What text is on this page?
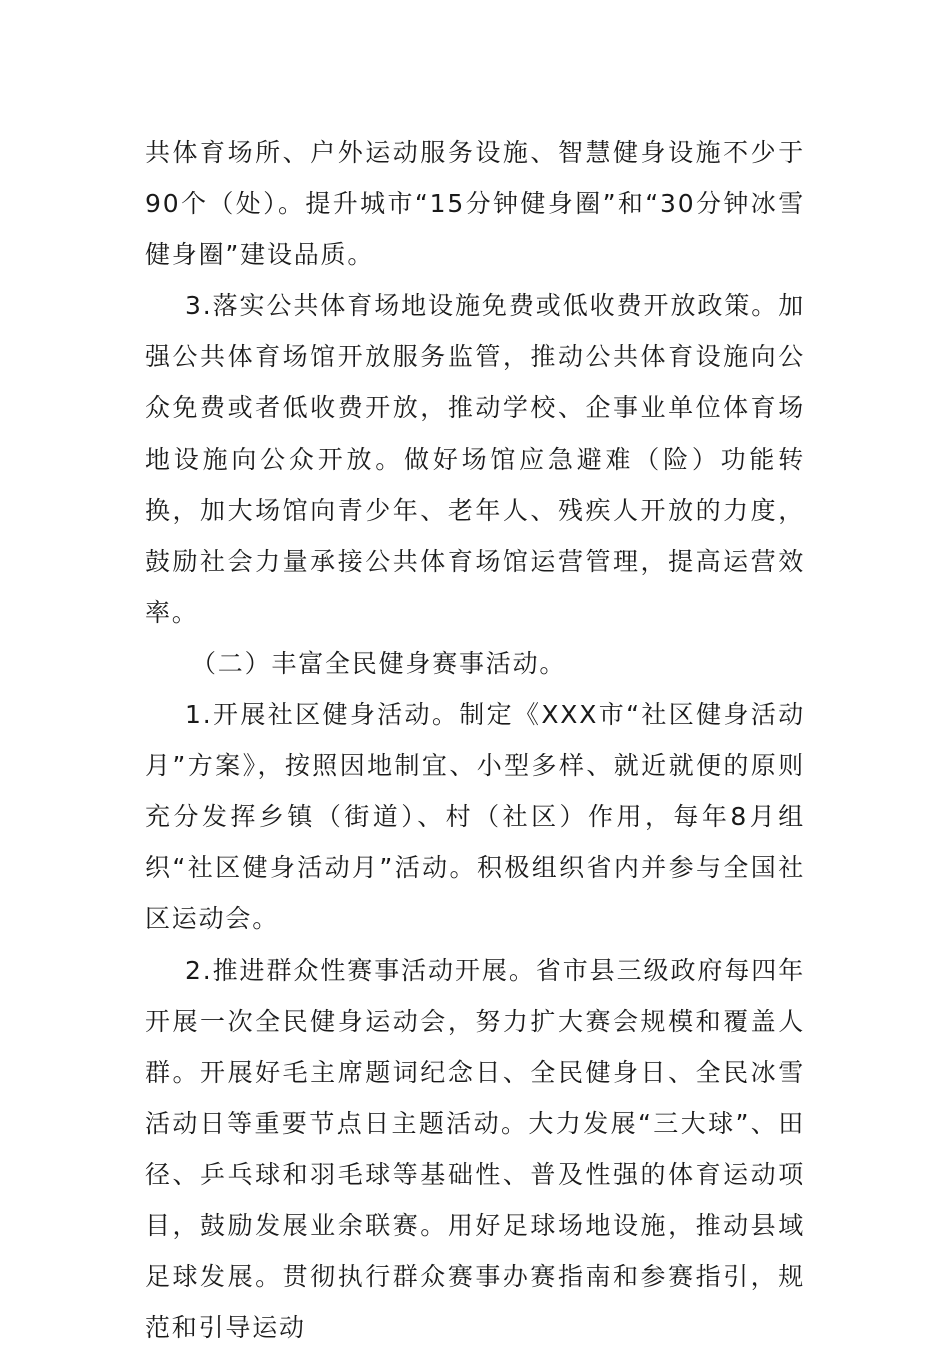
共体育场所、户外运动服务设施、智慧健身设施不少于90个（处）。提升城市“15分钟健身圈”和“30分钟冰雪健身圈”建设品质。

3.落实公共体育场地设施免费或低收费开放政策。加强公共体育场馆开放服务监管，推动公共体育设施向公众免费或者低收费开放，推动学校、企事业单位体育场地设施向公众开放。做好场馆应急避难（险）功能转换，加大场馆向青少年、老年人、残疾人开放的力度，鼓励社会力量承接公共体育场馆运营管理，提高运营效率。

（二）丰富全民健身赛事活动。

1.开展社区健身活动。制定《XXX市“社区健身活动月”方案》，按照因地制宜、小型多样、就近就便的原则充分发挥乡镇（街道）、村（社区）作用，每年8月组织“社区健身活动月”活动。积极组织省内并参与全国社区运动会。

2.推进群众性赛事活动开展。省市县三级政府每四年开展一次全民健身运动会，努力扩大赛会规模和覆盖人群。开展好毛主席题词纪念日、全民健身日、全民冰雪活动日等重要节点日主题活动。大力发展“三大球”、田径、乒乓球和羽毛球等基础性、普及性强的体育运动项目，鼓励发展业余联赛。用好足球场地设施，推动县域足球发展。贯彻执行群众赛事办赛指南和参赛指引，规范和引导运动
